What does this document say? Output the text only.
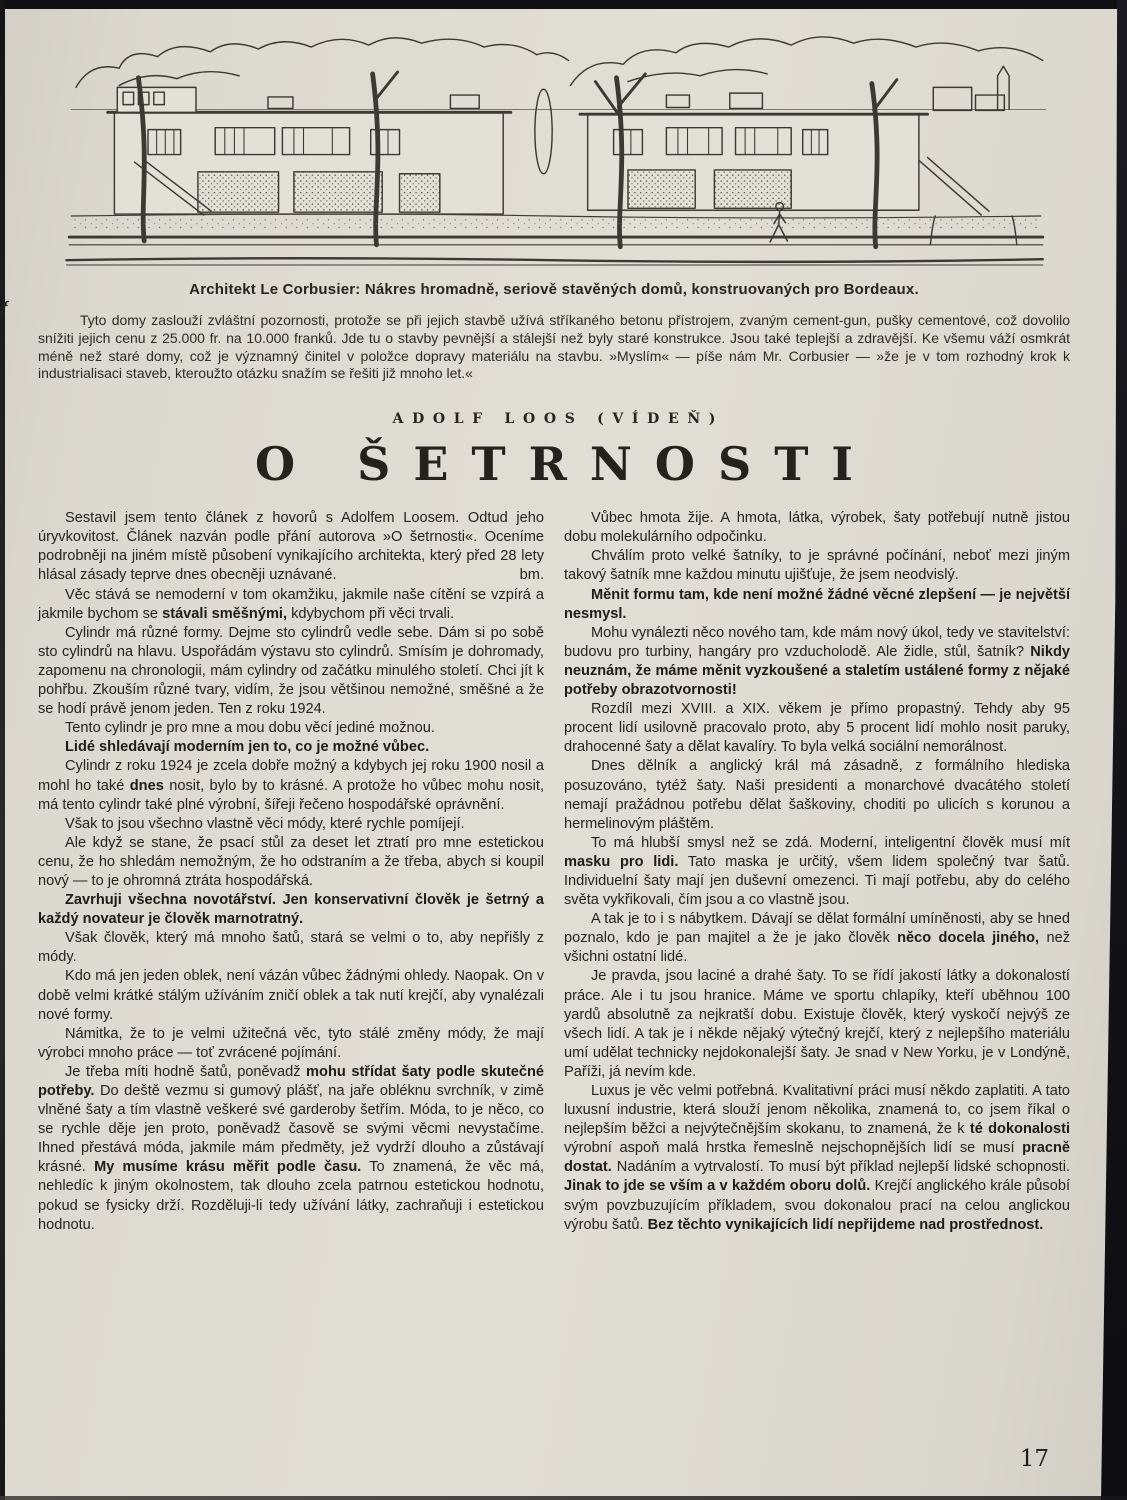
𝑓

Architekt Le Corbusier: Nákres hromadně, seriově stavěných domů, konstruovaných pro Bordeaux.

Tyto domy zaslouží zvláštní pozornosti, protože se při jejich stavbě užívá stříkaného betonu přístrojem, zvaným cement-gun, pušky cementové, což dovolilo snížiti jejich cenu z 25.000 fr. na 10.000 franků. Jde tu o stavby pevnější a stálejší než byly staré konstrukce. Jsou také teplejší a zdravější. Ke všemu váží osmkrát méně než staré domy, což je významný činitel v položce dopravy materiálu na stavbu. »Myslím« — píše nám Mr. Corbusier — »že je v tom rozhodný krok k industrialisaci staveb, kteroužto otázku snažím se řešiti již mnoho let.«

ADOLF LOOS (VÍDEŇ)
O ŠETRNOSTI

Sestavil jsem tento článek z hovorů s Adolfem Loosem. Odtud jeho úryvkovitost. Článek nazván podle přání autorova »O šetrnosti«. Oceníme podrobněji na jiném místě působení vynikajícího architekta, který před 28 lety hlásal zásady teprve dnes obecněji uznávané.	bm.

Věc stává se nemoderní v tom okamžiku, jakmile naše cítění se vzpírá a jakmile bychom se stávali směšnými, kdybychom při věci trvali.

Cylindr má různé formy. Dejme sto cylindrů vedle sebe. Dám si po sobě sto cylindrů na hlavu. Uspořádám výstavu sto cylindrů. Smísím je dohromady, zapomenu na chronologii, mám cylindry od začátku minulého století. Chci jít k pohřbu. Zkouším různé tvary, vidím, že jsou většinou nemožné, směšné a že se hodí právě jenom jeden. Ten z roku 1924.

Tento cylindr je pro mne a mou dobu věcí jediné možnou.

Lidé shledávají moderním jen to, co je možné vůbec.

Cylindr z roku 1924 je zcela dobře možný a kdybych jej roku 1900 nosil a mohl ho také dnes nosit, bylo by to krásné. A protože ho vůbec mohu nosit, má tento cylindr také plné výrobní, šířeji řečeno hospodářské oprávnění.

Však to jsou všechno vlastně věci módy, které rychle pomíjejí.

Ale když se stane, že psací stůl za deset let ztratí pro mne estetickou cenu, že ho shledám nemožným, že ho odstraním a že třeba, abych si koupil nový — to je ohromná ztráta hospodářská.

Zavrhuji všechna novotářství. Jen konservativní člověk je šetrný a každý novateur je člověk marnotratný.

Však člověk, který má mnoho šatů, stará se velmi o to, aby nepřišly z módy.

Kdo má jen jeden oblek, není vázán vůbec žádnými ohledy. Naopak. On v době velmi krátké stálým užíváním zničí oblek a tak nutí krejčí, aby vynalézali nové formy.

Námitka, že to je velmi užitečná věc, tyto stálé změny módy, že mají výrobci mnoho práce — toť zvrácené pojímání.

Je třeba míti hodně šatů, poněvadž mohu střídat šaty podle skutečné potřeby. Do deště vezmu si gumový plášť, na jaře obléknu svrchník, v zimě vlněné šaty a tím vlastně veškeré své garderoby šetřím. Móda, to je něco, co se rychle děje jen proto, poněvadž časově se svými věcmi nevystačíme. Ihned přestává móda, jakmile mám předměty, jež vydrží dlouho a zůstávají krásné. My musíme krásu měřit podle času. To znamená, že věc má, nehledíc k jiným okolnostem, tak dlouho zcela patrnou estetickou hodnotu, pokud se fysicky drží. Rozděluji-li tedy užívání látky, zachraňuji i estetickou hodnotu.

Vůbec hmota žije. A hmota, látka, výrobek, šaty potřebují nutně jistou dobu molekulárního odpočinku.

Chválím proto velké šatníky, to je správné počínání, neboť mezi jiným takový šatník mne každou minutu ujišťuje, že jsem neodvislý.

Měnit formu tam, kde není možné žádné věcné zlepšení — je největší nesmysl.

Mohu vynálezti něco nového tam, kde mám nový úkol, tedy ve stavitelství: budovu pro turbiny, hangáry pro vzducholodě. Ale židle, stůl, šatník? Nikdy neuznám, že máme měnit vyzkoušené a staletím ustálené formy z nějaké potřeby obrazotvornosti!

Rozdíl mezi XVIII. a XIX. věkem je přímo propastný. Tehdy aby 95 procent lidí usilovně pracovalo proto, aby 5 procent lidí mohlo nosit paruky, drahocenné šaty a dělat kavalíry. To byla velká sociální nemorálnost.

Dnes dělník a anglický král má zásadně, z formálního hlediska posuzováno, tytéž šaty. Naši presidenti a monarchové dvacátého století nemají pražádnou potřebu dělat šaškoviny, choditi po ulicích s korunou a hermelinovým pláštěm.

To má hlubší smysl než se zdá. Moderní, inteligentní člověk musí mít masku pro lidi. Tato maska je určitý, všem lidem společný tvar šatů. Individuelní šaty mají jen duševní omezenci. Ti mají potřebu, aby do celého světa vykřikovali, čím jsou a co vlastně jsou.

A tak je to i s nábytkem. Dávají se dělat formální umíněnosti, aby se hned poznalo, kdo je pan majitel a že je jako člověk něco docela jiného, než všichni ostatní lidé.

Je pravda, jsou laciné a drahé šaty. To se řídí jakostí látky a dokonalostí práce. Ale i tu jsou hranice. Máme ve sportu chlapíky, kteří uběhnou 100 yardů absolutně za nejkratší dobu. Existuje člověk, který vyskočí nejvýš ze všech lidí. A tak je i někde nějaký výtečný krejčí, který z nejlepšího materiálu umí udělat technicky nejdokonalejší šaty. Je snad v New Yorku, je v Londýně, Paříži, já nevím kde.

Luxus je věc velmi potřebná. Kvalitativní práci musí někdo zaplatiti. A tato luxusní industrie, která slouží jenom několika, znamená to, co jsem říkal o nejlepším běžci a nejvýtečnějším skokanu, to znamená, že k té dokonalosti výrobní aspoň malá hrstka řemeslně nejschopnějších lidí se musí pracně dostat. Nadáním a vytrvalostí. To musí být příklad nejlepší lidské schopnosti. Jinak to jde se vším a v každém oboru dolů. Krejčí anglického krále působí svým povzbuzujícím příkladem, svou dokonalou prací na celou anglickou výrobu šatů. Bez těchto vynikajících lidí nepřijdeme nad prostřednost.

17
